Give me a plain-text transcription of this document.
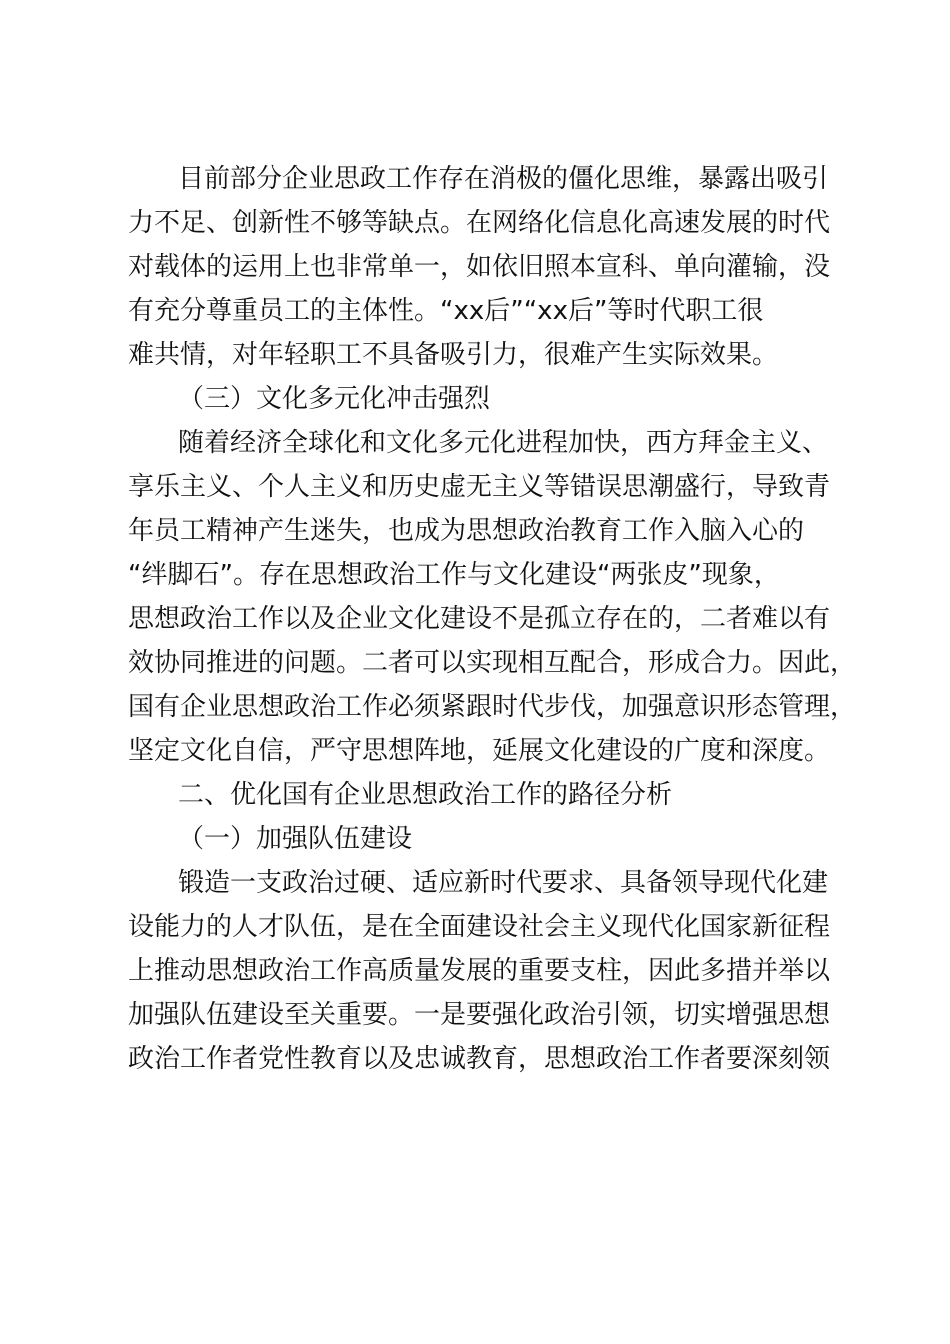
目前部分企业思政工作存在消极的僵化思维，暴露出吸引
力不足、创新性不够等缺点。在网络化信息化高速发展的时代
对载体的运用上也非常单一，如依旧照本宣科、单向灌输，没
有充分尊重员工的主体性。“xx后”“xx后”等时代职工很
难共情，对年轻职工不具备吸引力，很难产生实际效果。
（三）文化多元化冲击强烈
随着经济全球化和文化多元化进程加快，西方拜金主义、
享乐主义、个人主义和历史虚无主义等错误思潮盛行，导致青
年员工精神产生迷失，也成为思想政治教育工作入脑入心的
“绊脚石”。存在思想政治工作与文化建设“两张皮”现象，
思想政治工作以及企业文化建设不是孤立存在的，二者难以有
效协同推进的问题。二者可以实现相互配合，形成合力。因此，
国有企业思想政治工作必须紧跟时代步伐，加强意识形态管理，
坚定文化自信，严守思想阵地，延展文化建设的广度和深度。
二、优化国有企业思想政治工作的路径分析
（一）加强队伍建设
锻造一支政治过硬、适应新时代要求、具备领导现代化建
设能力的人才队伍，是在全面建设社会主义现代化国家新征程
上推动思想政治工作高质量发展的重要支柱，因此多措并举以
加强队伍建设至关重要。一是要强化政治引领，切实增强思想
政治工作者党性教育以及忠诚教育，思想政治工作者要深刻领
